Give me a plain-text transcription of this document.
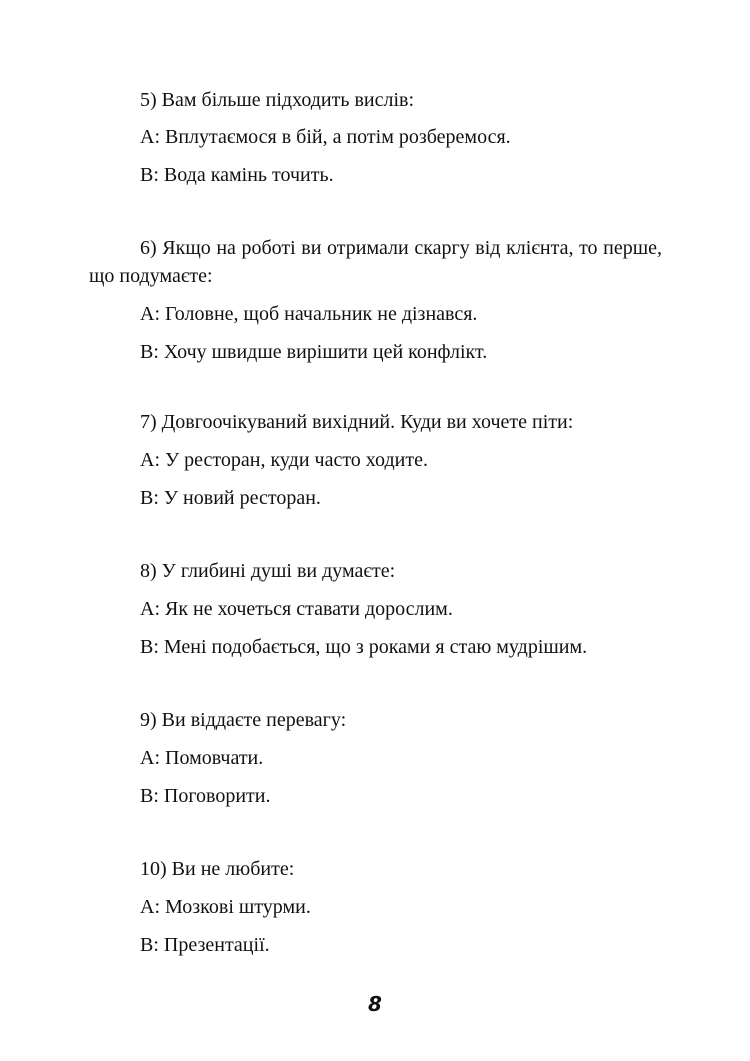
5) Вам більше підходить вислів:

А: Вплутаємося в бій, а потім розберемося.

В: Вода камінь точить.

6) Якщо на роботі ви отримали скаргу від клієнта, то перше, що подумаєте:

А: Головне, щоб начальник не дізнався.

В: Хочу швидше вирішити цей конфлікт.

7) Довгоочікуваний вихідний. Куди ви хочете піти:

А: У ресторан, куди часто ходите.

В: У новий ресторан.

8) У глибині душі ви думаєте:

А: Як не хочеться ставати дорослим.

В: Мені подобається, що з роками я стаю мудрішим.

9) Ви віддаєте перевагу:

А: Помовчати.

В: Поговорити.

10) Ви не любите:

А: Мозкові штурми.

В: Презентації.

8
